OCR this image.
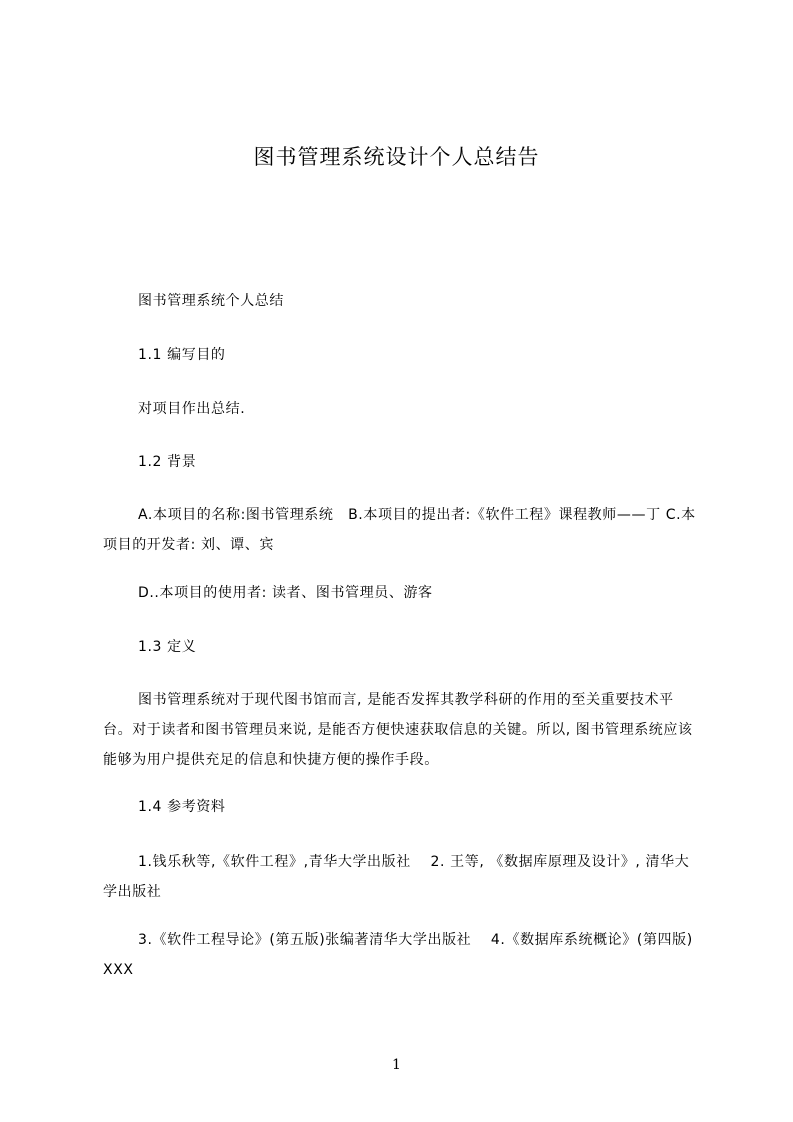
图书管理系统设计个人总结告

图书管理系统个人总结

1.1 编写目的

对项目作出总结.

1.2 背景

A.本项目的名称:图书管理系统　B.本项目的提出者:《软件工程》课程教师——丁 C.本项目的开发者: 刘、谭、宾

D..本项目的使用者: 读者、图书管理员、游客

1.3 定义

图书管理系统对于现代图书馆而言, 是能否发挥其教学科研的作用的至关重要技术平台。对于读者和图书管理员来说, 是能否方便快速获取信息的关键。所以, 图书管理系统应该能够为用户提供充足的信息和快捷方便的操作手段。

1.4 参考资料

1.钱乐秋等,《软件工程》,青华大学出版社　 2. 王等, 《数据库原理及设计》, 清华大学出版社

3.《软件工程导论》(第五版)张编著清华大学出版社　 4.《数据库系统概论》(第四版) XXX

1
